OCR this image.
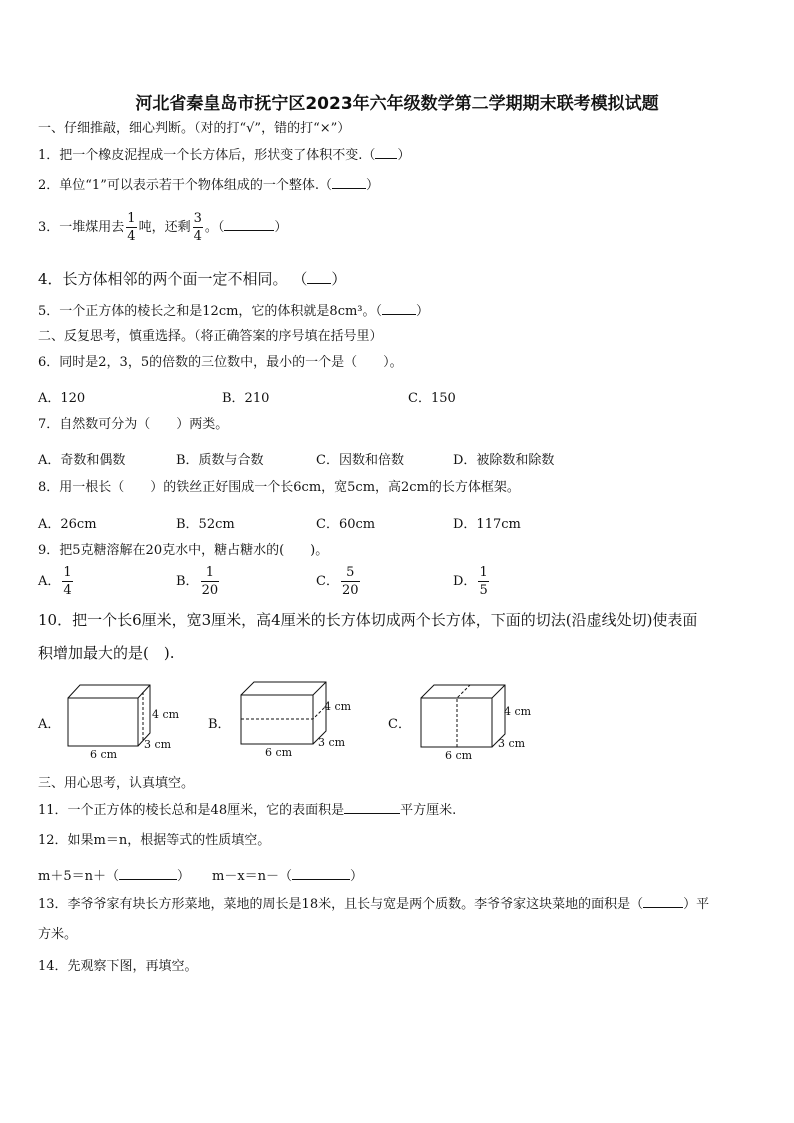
河北省秦皇岛市抚宁区2023年六年级数学第二学期期末联考模拟试题
一、仔细推敲，细心判断。（对的打“√”，错的打“×”）
1．把一个橡皮泥捏成一个长方体后，形状变了体积不变.（ ）
2．单位“1”可以表示若干个物体组成的一个整体.（	）
3．一堆煤用去 $\frac{1}{4}$ 吨，还剩 $\frac{3}{4}$ 。（	）
4．长方体相邻的两个面一定不相同。 （ ）
5．一个正方体的棱长之和是12cm，它的体积就是8cm³。（	）
二、反复思考，慎重选择。（将正确答案的序号填在括号里）
6．同时是2，3，5的倍数的三位数中，最小的一个是（　　）。
A．120	B．210	C．150
7．自然数可分为（　　）两类。
A．奇数和偶数	B．质数与合数	C．因数和倍数	D．被除数和除数
8．用一根长（　　）的铁丝正好围成一个长6cm，宽5cm，高2cm的长方体框架。
A．26cm	B．52cm	C．60cm	D．117cm
9．把5克糖溶解在20克水中，糖占糖水的(　　)。
A． $\frac{1}{4}$	B． $\frac{1}{20}$	C． $\frac{5}{20}$	D． $\frac{1}{5}$
10．把一个长6厘米，宽3厘米，高4厘米的长方体切成两个长方体，下面的切法(沿虚线处切)使表面
积增加最大的是(　).
A．
4 cm
3 cm
6 cm
B．
4 cm
3 cm
6 cm
C．
4 cm
3 cm
6 cm
三、用心思考，认真填空。
11．一个正方体的棱长总和是48厘米，它的表面积是	平方厘米.
12．如果m＝n，根据等式的性质填空。
m＋5＝n＋（	） m－x＝n－（	）
13．李爷爷家有块长方形菜地，菜地的周长是18米，且长与宽是两个质数。李爷爷家这块菜地的面积是（	）平
方米。
14．先观察下图，再填空。
